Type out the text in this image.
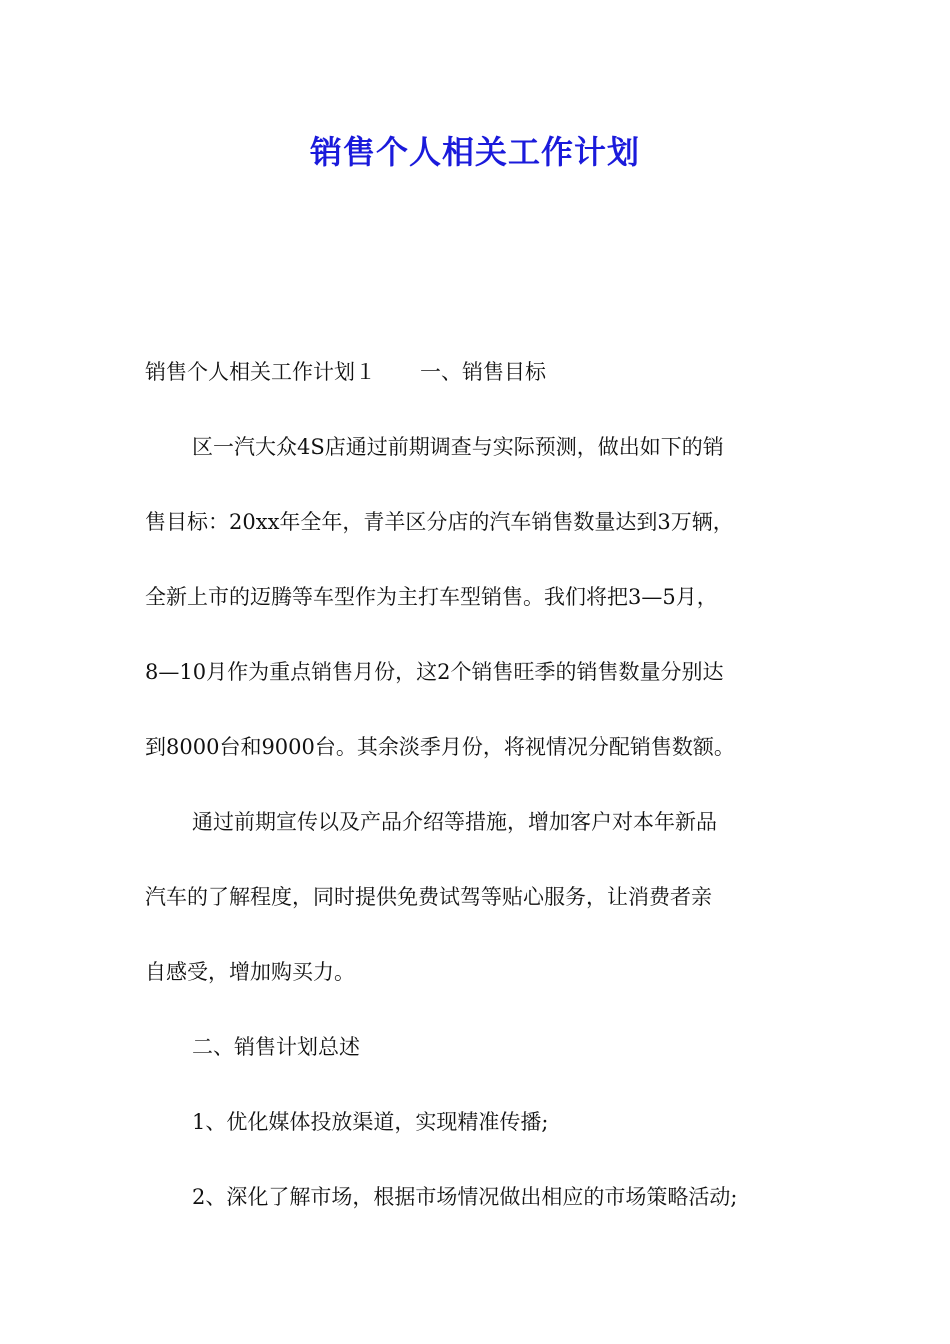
销售个人相关工作计划
销售个人相关工作计划１ 一、销售目标
区一汽大众4S店通过前期调查与实际预测，做出如下的销
售目标：20xx年全年，青羊区分店的汽车销售数量达到3万辆，
全新上市的迈腾等车型作为主打车型销售。我们将把3—5月，
8—10月作为重点销售月份，这2个销售旺季的销售数量分别达
到8000台和9000台。其余淡季月份，将视情况分配销售数额。
通过前期宣传以及产品介绍等措施，增加客户对本年新品
汽车的了解程度，同时提供免费试驾等贴心服务，让消费者亲
自感受，增加购买力。
二、销售计划总述
1、优化媒体投放渠道，实现精准传播;
2、深化了解市场，根据市场情况做出相应的市场策略活动;
